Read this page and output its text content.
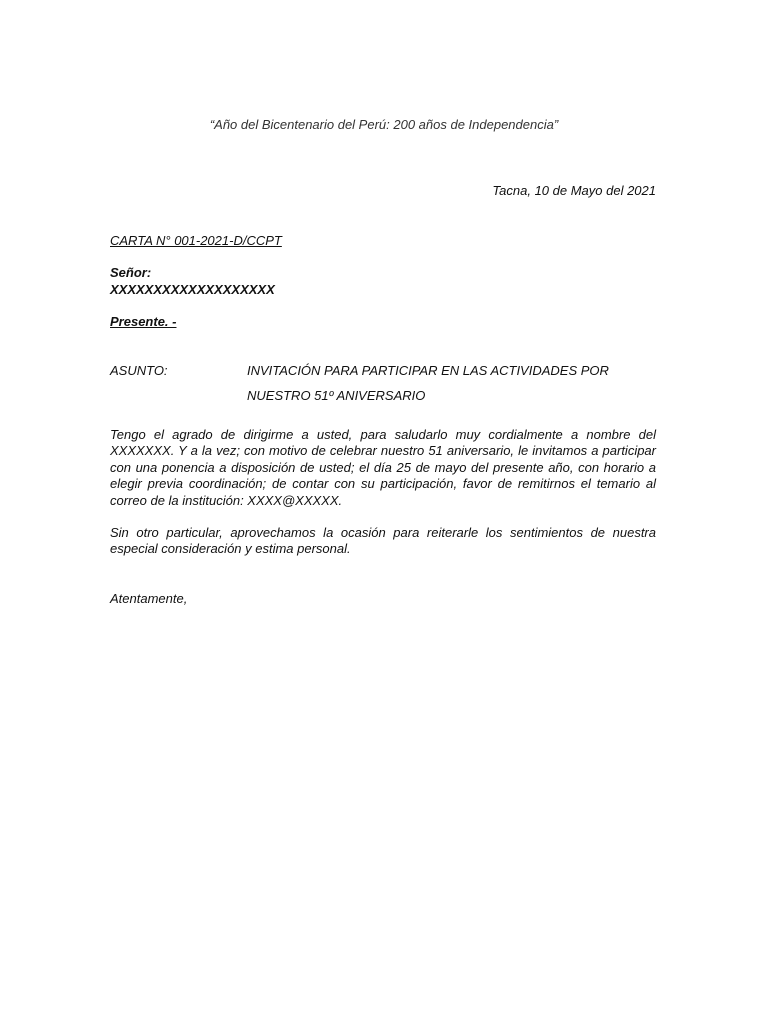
“Año del Bicentenario del Perú: 200 años de Independencia”
Tacna, 10 de Mayo del 2021
CARTA N° 001-2021-D/CCPT
Señor:
XXXXXXXXXXXXXXXXXXX
Presente. -
ASUNTO:	INVITACIÓN PARA PARTICIPAR EN LAS ACTIVIDADES POR
NUESTRO 51º ANIVERSARIO
Tengo el agrado de dirigirme a usted, para saludarlo muy cordialmente a nombre del XXXXXXX. Y a la vez; con motivo de celebrar nuestro 51 aniversario, le invitamos a participar con una ponencia a disposición de usted; el día 25 de mayo del presente año, con horario a elegir previa coordinación; de contar con su participación, favor de remitirnos el temario al correo de la institución: XXXX@XXXXX.
Sin otro particular, aprovechamos la ocasión para reiterarle los sentimientos de nuestra especial consideración y estima personal.
Atentamente,
